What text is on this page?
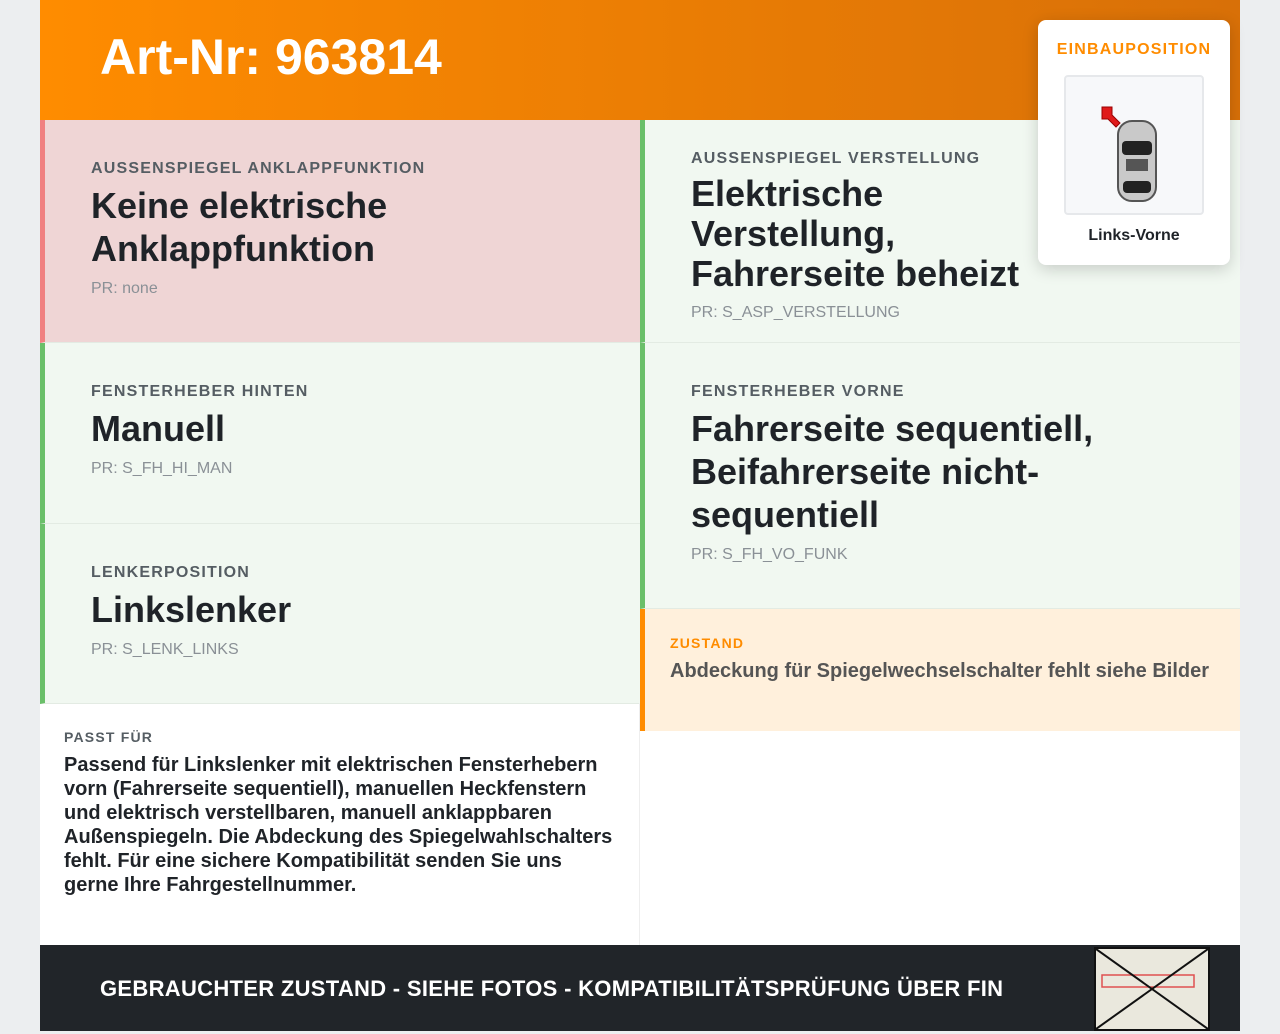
Art-Nr: 963814
AUSSENSPIEGEL ANKLAPPFUNKTION
Keine elektrische Anklappfunktion
PR: none
AUSSENSPIEGEL VERSTELLUNG
Elektrische Verstellung, Fahrerseite beheizt
PR: S_ASP_VERSTELLUNG
FENSTERHEBER HINTEN
Manuell
PR: S_FH_HI_MAN
FENSTERHEBER VORNE
Fahrerseite sequentiell, Beifahrerseite nicht-sequentiell
PR: S_FH_VO_FUNK
LENKERPOSITION
Linkslenker
PR: S_LENK_LINKS	ZUSTAND
Abdeckung für Spiegelwechselschalter fehlt siehe Bilder
PASST FÜR
Passend für Linkslenker mit elektrischen Fensterhebern vorn (Fahrerseite sequentiell), manuellen Heckfenstern und elektrisch verstellbaren, manuell anklappbaren Außenspiegeln. Die Abdeckung des Spiegelwahlschalters fehlt. Für eine sichere Kompatibilität senden Sie uns gerne Ihre Fahrgestellnummer.
EINBAUPOSITION
Links-Vorne
GEBRAUCHTER ZUSTAND - SIEHE FOTOS - KOMPATIBILITÄTSPRÜFUNG ÜBER FIN
